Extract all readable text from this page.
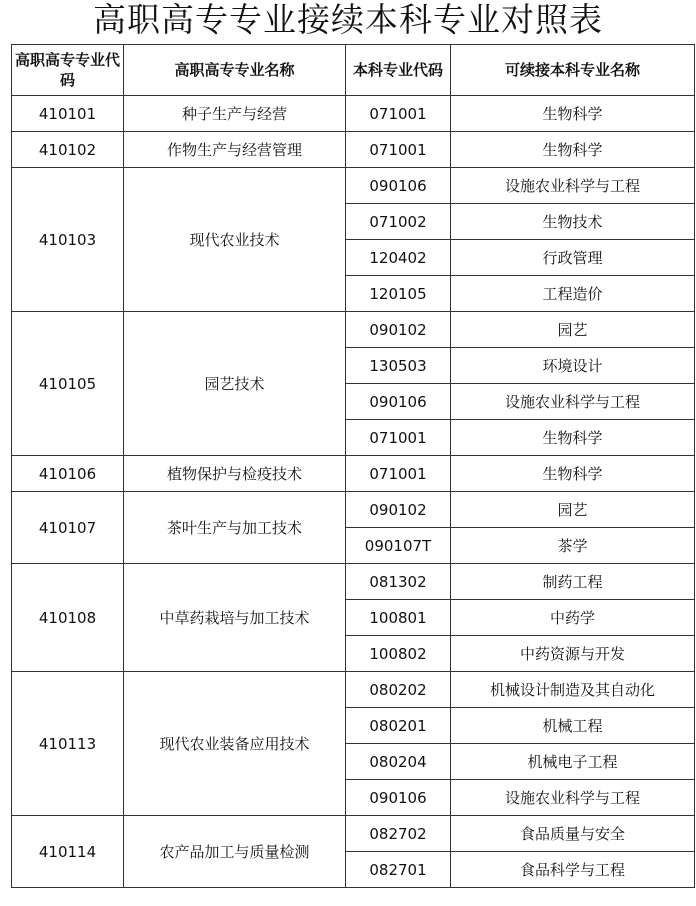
高职高专专业接续本科专业对照表
高职高专专业代码	高职高专专业名称	本科专业代码	可续接本科专业名称
410101	种子生产与经营	071001	生物科学
410102	作物生产与经营管理	071001	生物科学
410103	现代农业技术	090106	设施农业科学与工程
		071002	生物技术
		120402	行政管理
		120105	工程造价
410105	园艺技术	090102	园艺
		130503	环境设计
		090106	设施农业科学与工程
		071001	生物科学
410106	植物保护与检疫技术	071001	生物科学
410107	茶叶生产与加工技术	090102	园艺
		090107T	茶学
410108	中草药栽培与加工技术	081302	制药工程
		100801	中药学
		100802	中药资源与开发
410113	现代农业装备应用技术	080202	机械设计制造及其自动化
		080201	机械工程
		080204	机械电子工程
		090106	设施农业科学与工程
410114	农产品加工与质量检测	082702	食品质量与安全
		082701	食品科学与工程
